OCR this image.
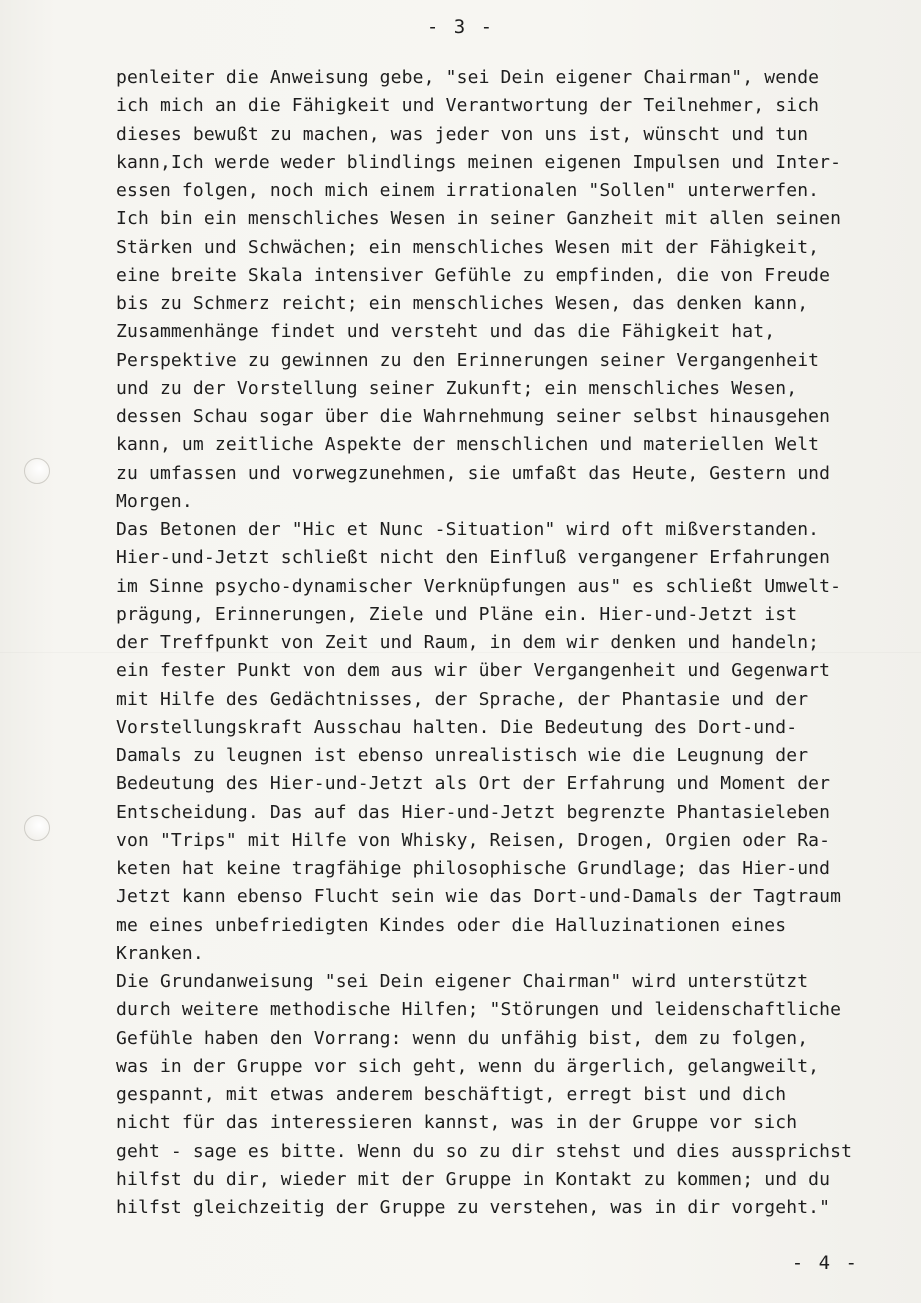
- 3 -
penleiter die Anweisung gebe, "sei Dein eigener Chairman", wende
ich mich an die Fähigkeit und Verantwortung der Teilnehmer, sich
dieses bewußt zu machen, was jeder von uns ist, wünscht und tun
kann,Ich werde weder blindlings meinen eigenen Impulsen und Inter-
essen folgen, noch mich einem irrationalen "Sollen" unterwerfen.
Ich bin ein menschliches Wesen in seiner Ganzheit mit allen seinen
Stärken und Schwächen; ein menschliches Wesen mit der Fähigkeit,
eine breite Skala intensiver Gefühle zu empfinden, die von Freude
bis zu Schmerz reicht; ein menschliches Wesen, das denken kann,
Zusammenhänge findet und versteht und das die Fähigkeit hat,
Perspektive zu gewinnen zu den Erinnerungen seiner Vergangenheit
und zu der Vorstellung seiner Zukunft; ein menschliches Wesen,
dessen Schau sogar über die Wahrnehmung seiner selbst hinausgehen
kann, um zeitliche Aspekte der menschlichen und materiellen Welt
zu umfassen und vorwegzunehmen, sie umfaßt das Heute, Gestern und
Morgen.
Das Betonen der "Hic et Nunc -Situation" wird oft mißverstanden.
Hier-und-Jetzt schließt nicht den Einfluß vergangener Erfahrungen
im Sinne psycho-dynamischer Verknüpfungen aus" es schließt Umwelt-
prägung, Erinnerungen, Ziele und Pläne ein. Hier-und-Jetzt ist
der Treffpunkt von Zeit und Raum, in dem wir denken und handeln;
ein fester Punkt von dem aus wir über Vergangenheit und Gegenwart
mit Hilfe des Gedächtnisses, der Sprache, der Phantasie und der
Vorstellungskraft Ausschau halten. Die Bedeutung des Dort-und-
Damals zu leugnen ist ebenso unrealistisch wie die Leugnung der
Bedeutung des Hier-und-Jetzt als Ort der Erfahrung und Moment der
Entscheidung. Das auf das Hier-und-Jetzt begrenzte Phantasieleben
von "Trips" mit Hilfe von Whisky, Reisen, Drogen, Orgien oder Ra-
keten hat keine tragfähige philosophische Grundlage; das Hier-und
Jetzt kann ebenso Flucht sein wie das Dort-und-Damals der Tagtraum
me eines unbefriedigten Kindes oder die Halluzinationen eines
Kranken.
Die Grundanweisung "sei Dein eigener Chairman" wird unterstützt
durch weitere methodische Hilfen; "Störungen und leidenschaftliche
Gefühle haben den Vorrang: wenn du unfähig bist, dem zu folgen,
was in der Gruppe vor sich geht, wenn du ärgerlich, gelangweilt,
gespannt, mit etwas anderem beschäftigt, erregt bist und dich
nicht für das interessieren kannst, was in der Gruppe vor sich
geht - sage es bitte. Wenn du so zu dir stehst und dies aussprichst
hilfst du dir, wieder mit der Gruppe in Kontakt zu kommen; und du
hilfst gleichzeitig der Gruppe zu verstehen, was in dir vorgeht."
- 4 -
